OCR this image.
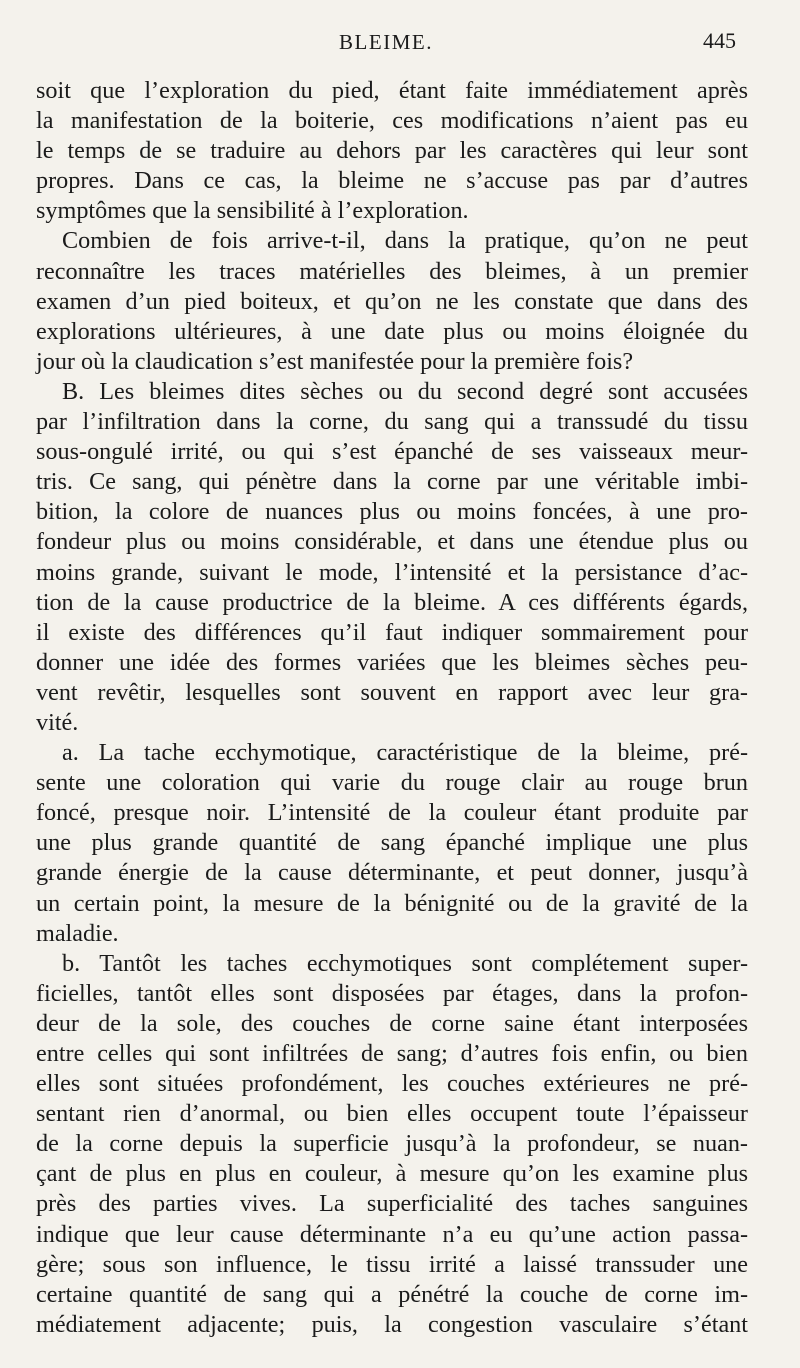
BLEIME.	445
soit que l’exploration du pied, étant faite immédiatement après
la manifestation de la boiterie, ces modifications n’aient pas eu
le temps de se traduire au dehors par les caractères qui leur sont
propres. Dans ce cas, la bleime ne s’accuse pas par d’autres
symptômes que la sensibilité à l’exploration.
Combien de fois arrive-t-il, dans la pratique, qu’on ne peut
reconnaître les traces matérielles des bleimes, à un premier
examen d’un pied boiteux, et qu’on ne les constate que dans des
explorations ultérieures, à une date plus ou moins éloignée du
jour où la claudication s’est manifestée pour la première fois?
B. Les bleimes dites sèches ou du second degré sont accusées
par l’infiltration dans la corne, du sang qui a transsudé du tissu
sous-ongulé irrité, ou qui s’est épanché de ses vaisseaux meur-
tris. Ce sang, qui pénètre dans la corne par une véritable imbi-
bition, la colore de nuances plus ou moins foncées, à une pro-
fondeur plus ou moins considérable, et dans une étendue plus ou
moins grande, suivant le mode, l’intensité et la persistance d’ac-
tion de la cause productrice de la bleime. A ces différents égards,
il existe des différences qu’il faut indiquer sommairement pour
donner une idée des formes variées que les bleimes sèches peu-
vent revêtir, lesquelles sont souvent en rapport avec leur gra-
vité.
a. La tache ecchymotique, caractéristique de la bleime, pré-
sente une coloration qui varie du rouge clair au rouge brun
foncé, presque noir. L’intensité de la couleur étant produite par
une plus grande quantité de sang épanché implique une plus
grande énergie de la cause déterminante, et peut donner, jusqu’à
un certain point, la mesure de la bénignité ou de la gravité de la
maladie.
b. Tantôt les taches ecchymotiques sont complétement super-
ficielles, tantôt elles sont disposées par étages, dans la profon-
deur de la sole, des couches de corne saine étant interposées
entre celles qui sont infiltrées de sang; d’autres fois enfin, ou bien
elles sont situées profondément, les couches extérieures ne pré-
sentant rien d’anormal, ou bien elles occupent toute l’épaisseur
de la corne depuis la superficie jusqu’à la profondeur, se nuan-
çant de plus en plus en couleur, à mesure qu’on les examine plus
près des parties vives. La superficialité des taches sanguines
indique que leur cause déterminante n’a eu qu’une action passa-
gère; sous son influence, le tissu irrité a laissé transsuder une
certaine quantité de sang qui a pénétré la couche de corne im-
médiatement adjacente; puis, la congestion vasculaire s’étant
